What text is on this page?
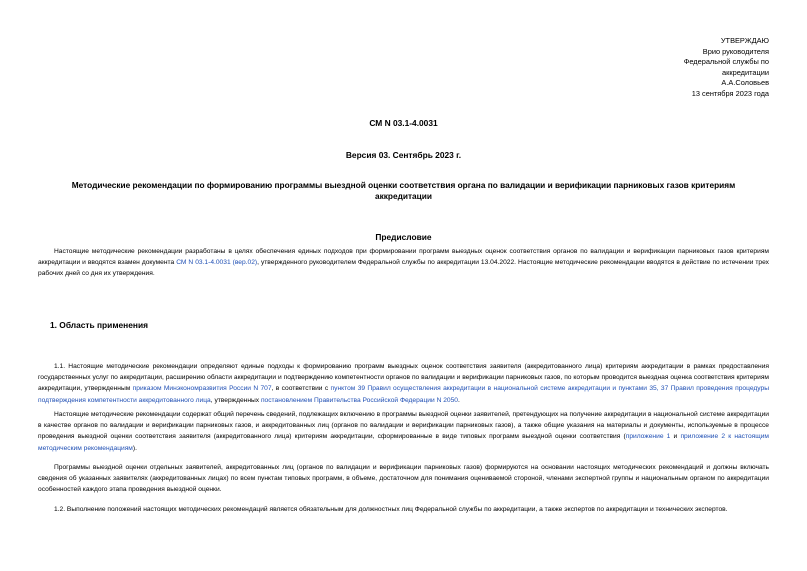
УТВЕРЖДАЮ
Врио руководителя
Федеральной службы по
аккредитации
А.А.Соловьев
13 сентября 2023 года
СМ N 03.1-4.0031
Версия 03. Сентябрь 2023 г.
Методические рекомендации по формированию программы выездной оценки соответствия органа по валидации и верификации парниковых газов критериям аккредитации
Предисловие

Настоящие методические рекомендации разработаны в целях обеспечения единых подходов при формировании программ выездных оценок соответствия органов по валидации и верификации парниковых газов критериям аккредитации и вводятся взамен документа СМ N 03.1-4.0031 (вер.02), утвержденного руководителем Федеральной службы по аккредитации 13.04.2022. Настоящие методические рекомендации вводятся в действие по истечении трех рабочих дней со дня их утверждения.

1. Область применения

1.1. Настоящие методические рекомендации определяют единые подходы к формированию программ выездных оценок соответствия заявителя (аккредитованного лица) критериям аккредитации в рамках предоставления государственных услуг по аккредитации, расширению области аккредитации и подтверждению компетентности органов по валидации и верификации парниковых газов, по которым проводится выездная оценка соответствия критериям аккредитации, утвержденным приказом Минэкономразвития России N 707, в соответствии с пунктом 39 Правил осуществления аккредитации в национальной системе аккредитации и пунктами 35, 37 Правил проведения процедуры подтверждения компетентности аккредитованного лица, утвержденных постановлением Правительства Российской Федерации N 2050.

Настоящие методические рекомендации содержат общий перечень сведений, подлежащих включению в программы выездной оценки заявителей, претендующих на получение аккредитации в национальной системе аккредитации в качестве органов по валидации и верификации парниковых газов, и аккредитованных лиц (органов по валидации и верификации парниковых газов), а также общие указания на материалы и документы, используемые в процессе проведения выездной оценки соответствия заявителя (аккредитованного лица) критериям аккредитации, сформированные в виде типовых программ выездной оценки соответствия (приложение 1 и приложение 2 к настоящим методическим рекомендациям).

Программы выездной оценки отдельных заявителей, аккредитованных лиц (органов по валидации и верификации парниковых газов) формируются на основании настоящих методических рекомендаций и должны включать сведения об указанных заявителях (аккредитованных лицах) по всем пунктам типовых программ, в объеме, достаточном для понимания оцениваемой стороной, членами экспертной группы и национальным органом по аккредитации особенностей каждого этапа проведения выездной оценки.

1.2. Выполнение положений настоящих методических рекомендаций является обязательным для должностных лиц Федеральной службы по аккредитации, а также экспертов по аккредитации и технических экспертов.
